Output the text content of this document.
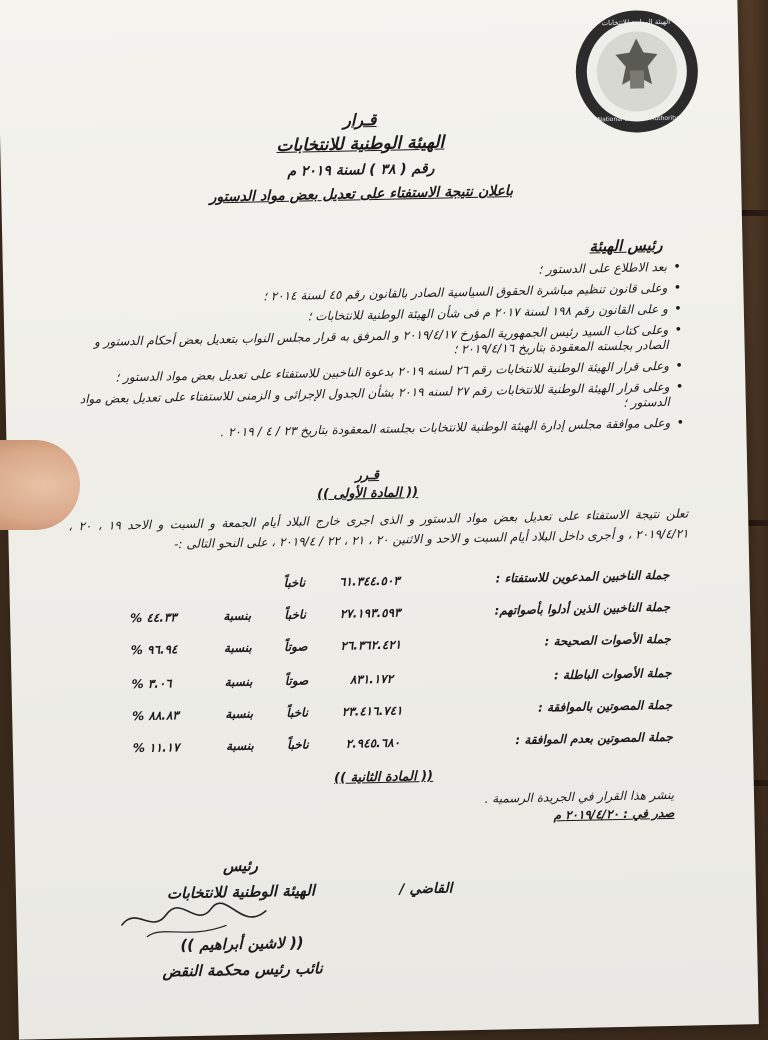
National Election Authority
الهيئة الوطنية للانتخابات
قـرار
الهيئة الوطنية للانتخابات
رقم ( ٣٨ ) لسنة ٢٠١٩ م
باعلان نتيجة الاستفتاء على تعديل بعض مواد الدستور
رئيس الهيئة
• بعد الاطلاع على الدستور ؛
• وعلى قانون تنظيم مباشرة الحقوق السياسية الصادر بالقانون رقم ٤٥ لسنة ٢٠١٤ ؛
• و على القانون رقم ١٩٨ لسنة ٢٠١٧ م فى شأن الهيئة الوطنية للانتخابات ؛
• وعلى كتاب السيد رئيس الجمهورية المؤرخ ٢٠١٩/٤/١٧ و المرفق به قرار مجلس النواب بتعديل بعض أحكام الدستور و الصادر بجلسته المعقودة بتاريخ ٢٠١٩/٤/١٦ ؛
• وعلى قرار الهيئة الوطنية للانتخابات رقم ٢٦ لسنه ٢٠١٩ بدعوة الناخبين للاستفتاء على تعديل بعض مواد الدستور ؛
• وعلى قرار الهيئة الوطنية للانتخابات رقم ٢٧ لسنه ٢٠١٩ بشأن الجدول الإجرائى و الزمنى للاستفتاء على تعديل بعض مواد الدستور ؛
• وعلى موافقة مجلس إدارة الهيئة الوطنية للانتخابات بجلسته المعقودة بتاريخ ٢٣ / ٤ / ٢٠١٩ .
قـرر
(( المادة الأولى ))
تعلن نتيجة الاستفتاء على تعديل بعض مواد الدستور و الذى اجرى خارج البلاد أيام الجمعة و السبت و الاحد ١٩ ، ٢٠ ، ٢٠١٩/٤/٢١ ، و أجرى داخل البلاد أيام السبت و الاحد و الاثنين ٢٠ ، ٢١ ، ٢٢ / ٢٠١٩/٤ ، على النحو التالى :-
جملة الناخبين المدعوين للاستفتاء :
٦١.٣٤٤.٥٠٣
ناخباً
جملة الناخبين الذين أدلوا بأصواتهم:
٢٧.١٩٣.٥٩٣
ناخباً
بنسبة
% ٤٤.٣٣
جملة الأصوات الصحيحة :
٢٦.٣٦٢.٤٢١
صوتاً
بنسبة
% ٩٦.٩٤
جملة الأصوات الباطلة :
٨٣١.١٧٢
صوتاً
بنسبة
% ٣.٠٦
جملة المصوتين بالموافقة :
٢٣.٤١٦.٧٤١
ناخباً
بنسبة
% ٨٨.٨٣
جملة المصوتين بعدم الموافقة :
٢.٩٤٥.٦٨٠
ناخباً
بنسبة
% ١١.١٧
(( المادة الثانية ))
ينشر هذا القرار في الجريدة الرسمية .
صدر في : ٢٠١٩/٤/٢٠ م
رئيس
الهيئة الوطنية للانتخابات
(( لاشين أبراهيم ))
نائب رئيس محكمة النقض
القاضي /
